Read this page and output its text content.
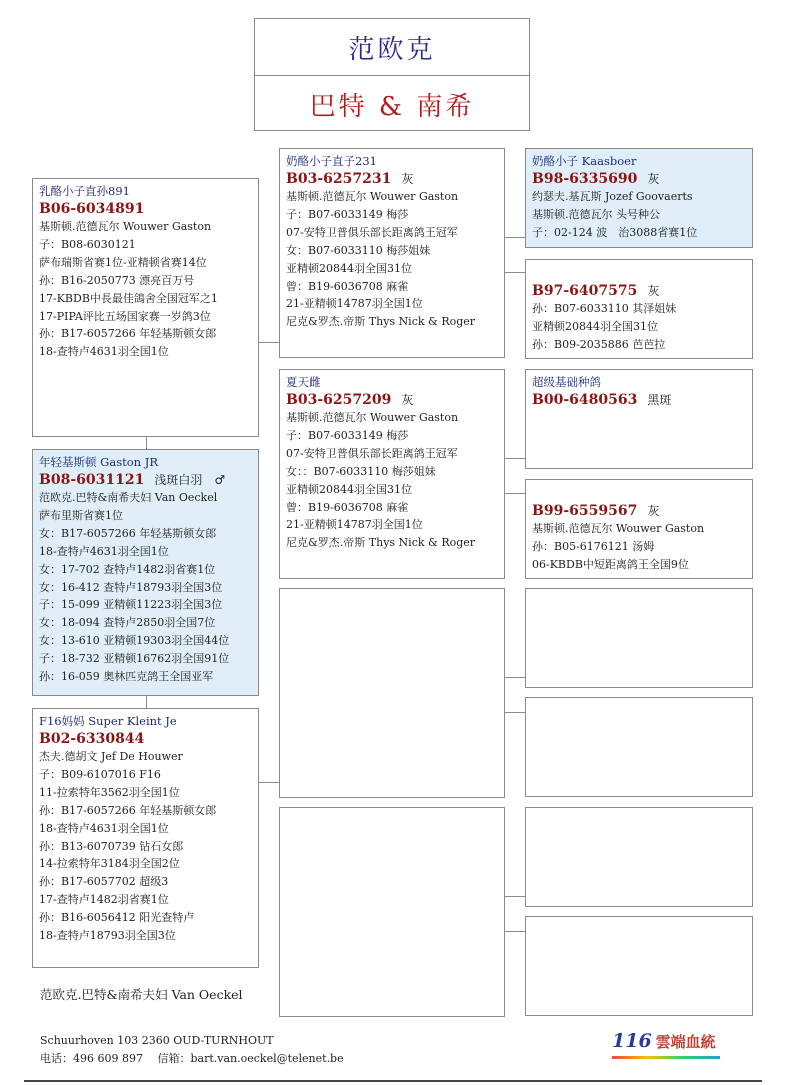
范欧克
巴特 & 南希
乳酪小子直孙891
B06-6034891
基斯顿.范德瓦尔 Wouwer Gaston
子：B08-6030121
萨布瑞斯省赛1位-亚精顿省赛14位
孙：B16-2050773 漂亮百万号
17-KBDB中長最佳鴿舍全国冠军之1
17-PIPA评比五场国家赛一岁鸽3位
孙：B17-6057266 年轻基斯顿女郎
18-查特卢4631羽全国1位
年轻基斯顿 Gaston JR
B08-6031121 浅斑白羽　♂
范欧克.巴特&南希夫妇 Van Oeckel
萨布里斯省赛1位
女：B17-6057266 年轻基斯顿女郎
18-查特卢4631羽全国1位
女：17-702 查特卢1482羽省赛1位
女：16-412 查特卢18793羽全国3位
子：15-099 亚精顿11223羽全国3位
女：18-094 查特卢2850羽全国7位
女：13-610 亚精顿19303羽全国44位
子：18-732 亚精顿16762羽全国91位
孙：16-059 奥林匹克鸽王全国亚军
F16妈妈 Super Kleint Je
B02-6330844
杰夫.德胡文 Jef De Houwer
子：B09-6107016 F16
11-拉索特年3562羽全国1位
孙：B17-6057266 年轻基斯顿女郎
18-查特卢4631羽全国1位
孙：B13-6070739 钻石女郎
14-拉索特年3184羽全国2位
孙：B17-6057702 超级3
17-查特卢1482羽省赛1位
孙：B16-6056412 阳光查特卢
18-查特卢18793羽全国3位
奶酪小子直子231
B03-6257231 灰
基斯顿.范德瓦尔 Wouwer Gaston
子：B07-6033149 梅莎
07-安特卫普俱乐部长距离鸽王冠军
女：B07-6033110 梅莎姐妹
亚精顿20844羽全国31位
曾：B19-6036708 麻雀
21-亚精顿14787羽全国1位
尼克&罗杰.帝斯 Thys Nick & Roger
夏天雌
B03-6257209 灰
基斯顿.范德瓦尔 Wouwer Gaston
子：B07-6033149 梅莎
07-安特卫普俱乐部长距离鸽王冠军
女：：B07-6033110 梅莎姐妹
亚精顿20844羽全国31位
曾：B19-6036708 麻雀
21-亚精顿14787羽全国1位
尼克&罗杰.帝斯 Thys Nick & Roger
奶酪小子 Kaasboer
B98-6335690 灰
约瑟夫.基瓦斯 Jozef Goovaerts
基斯顿.范德瓦尔 头号种公
子：02-124 波　治3088省赛1位
B97-6407575 灰
孙：B07-6033110 其泽姐妹
亚精顿20844羽全国31位
孙：B09-2035886 芭芭拉
超级基础种鸽
B00-6480563 黑斑
B99-6559567 灰
基斯顿.范德瓦尔 Wouwer Gaston
孙：B05-6176121 汤姆
06-KBDB中短距离鸽王全国9位
范欧克.巴特&南希夫妇 Van Oeckel
Schuurhoven 103 2360 OUD-TURNHOUT
电话：496 609 897　 信箱：bart.van.oeckel@telenet.be
116 雲端血統
